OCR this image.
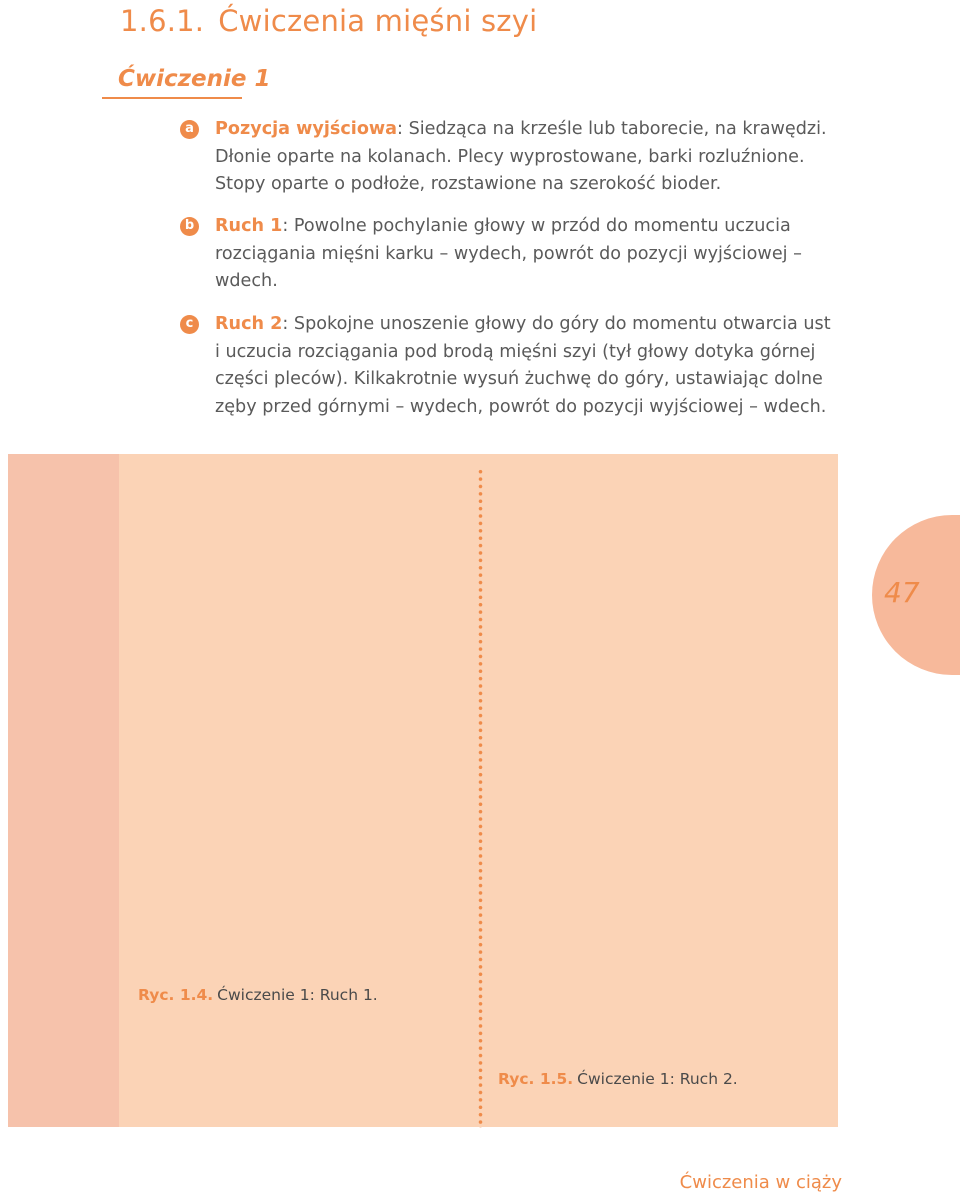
1.6.1. Ćwiczenia mięśni szyi
Ćwiczenie 1
a	Pozycja wyjściowa: Siedząca na krześle lub taborecie, na krawędzi. Dłonie oparte na kolanach. Plecy wyprostowane, barki rozluźnione. Stopy oparte o podłoże, rozstawione na szerokość bioder.
b	Ruch 1: Powolne pochylanie głowy w przód do momentu uczucia rozciągania mięśni karku – wydech, powrót do pozycji wyjściowej – wdech.
c	Ruch 2: Spokojne unoszenie głowy do góry do momentu otwarcia ust i uczucia rozciągania pod brodą mięśni szyi (tył głowy dotyka górnej części pleców). Kilkakrotnie wysuń żuchwę do góry, ustawiając dolne zęby przed górnymi – wydech, powrót do pozycji wyjściowej – wdech.

Ryc. 1.4. Ćwiczenie 1: Ruch 1.

Ryc. 1.5. Ćwiczenie 1: Ruch 2.

47

Ćwiczenia w ciąży
